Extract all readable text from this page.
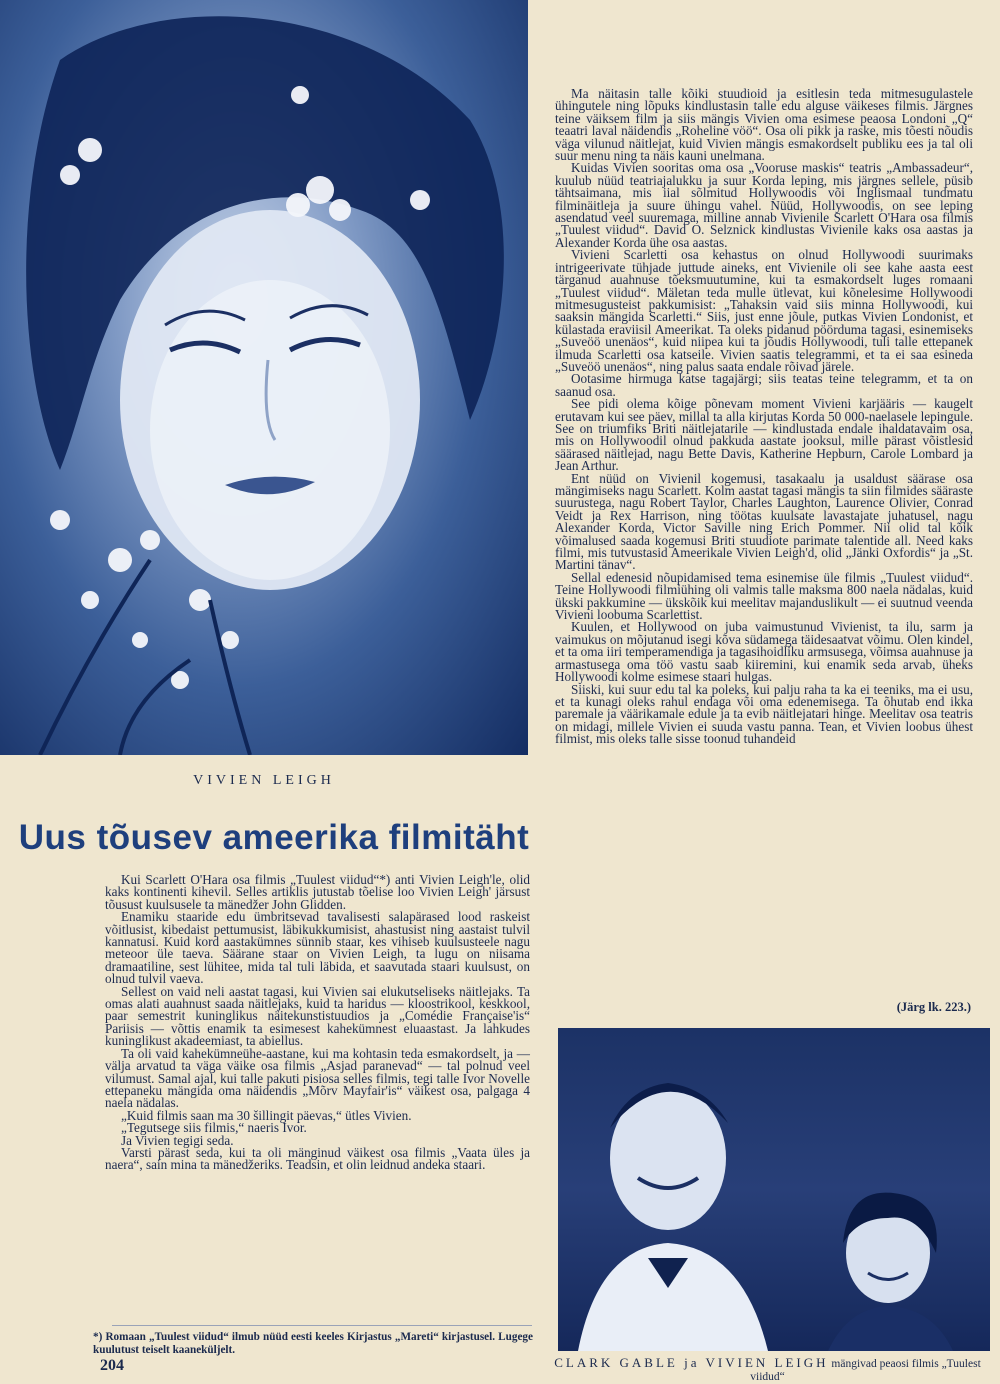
VIVIEN LEIGH
Uus tõusev ameerika filmitäht

Kui Scarlett O'Hara osa filmis „Tuulest viidud“*) anti Vivien Leigh'le, olid kaks kontinenti kihevil. Selles artiklis jutustab tõelise loo Vivien Leigh' järsust tõusust kuulsusele ta mänedžer John Glidden.

Enamiku staaride edu ümbritsevad tavalisesti salapärased lood raskeist võitlusist, kibedaist pettumusist, läbikukkumisist, ahastusist ning aastaist tulvil kannatusi. Kuid kord aastakümnes sünnib staar, kes vihiseb kuulsusteele nagu meteoor üle taeva. Säärane staar on Vivien Leigh, ta lugu on niisama dramaatiline, sest lühitee, mida tal tuli läbida, et saavutada staari kuulsust, on olnud tulvil vaeva.

Sellest on vaid neli aastat tagasi, kui Vivien sai elukutseliseks näitlejaks. Ta omas alati auahnust saada näitlejaks, kuid ta haridus — kloostrikool, keskkool, paar semestrit kuninglikus näitekunstistuudios ja „Comédie Française'is“ Pariisis — võttis enamik ta esimesest kahekümnest eluaastast. Ja lahkudes kuninglikust akadeemiast, ta abiellus.

Ta oli vaid kahekümneühe-aastane, kui ma kohtasin teda esmakordselt, ja — välja arvatud ta väga väike osa filmis „Asjad paranevad“ — tal polnud veel vilumust. Samal ajal, kui talle pakuti pisiosa selles filmis, tegi talle Ivor Novelle ettepaneku mängida oma näidendis „Mõrv Mayfair'is“ väikest osa, palgaga 4 naela nädalas.

„Kuid filmis saan ma 30 šillingit päevas,“ ütles Vivien.

„Tegutsege siis filmis,“ naeris Ivor.

Ja Vivien tegigi seda.

Varsti pärast seda, kui ta oli mänginud väikest osa filmis „Vaata üles ja naera“, sain mina ta mänedžeriks. Teadsin, et olin leidnud andeka staari.

Ma näitasin talle kõiki stuudioid ja esitlesin teda mitmesugulastele ühingutele ning lõpuks kindlustasin talle edu alguse väikeses filmis. Järgnes teine väiksem film ja siis mängis Vivien oma esimese peaosa Londoni „Q“ teaatri laval näidendis „Roheline vöö“. Osa oli pikk ja raske, mis tõesti nõudis väga vilunud näitlejat, kuid Vivien mängis esmakordselt publiku ees ja tal oli suur menu ning ta näis kauni unelmana.

Kuidas Vivien sooritas oma osa „Vooruse maskis“ teatris „Ambassadeur“, kuulub nüüd teatriajalukku ja suur Korda leping, mis järgnes sellele, püsib tähtsaimana, mis iial sõlmitud Hollywoodis või Inglismaal tundmatu filminäitleja ja suure ühingu vahel. Nüüd, Hollywoodis, on see leping asendatud veel suuremaga, milline annab Vivienile Scarlett O'Hara osa filmis „Tuulest viidud“. David O. Selznick kindlustas Vivienile kaks osa aastas ja Alexander Korda ühe osa aastas.

Vivieni Scarletti osa kehastus on olnud Hollywoodi suurimaks intrigeerivate tühjade juttude aineks, ent Vivienile oli see kahe aasta eest tärganud auahnuse tõeksmuutumine, kui ta esmakordselt luges romaani „Tuulest viidud“. Mäletan teda mulle ütlevat, kui kõnelesime Hollywoodi mitmesugusteist pakkumisist: „Tahaksin vaid siis minna Hollywoodi, kui saaksin mängida Scarletti.“ Siis, just enne jõule, putkas Vivien Londonist, et külastada eraviisil Ameerikat. Ta oleks pidanud pöörduma tagasi, esinemiseks „Suveöö unenäos“, kuid niipea kui ta jõudis Hollywoodi, tuli talle ettepanek ilmuda Scarletti osa katseile. Vivien saatis telegrammi, et ta ei saa esineda „Suveöö unenäos“, ning palus saata endale rõivad järele.

Ootasime hirmuga katse tagajärgi; siis teatas teine telegramm, et ta on saanud osa.

See pidi olema kõige põnevam moment Vivieni karjääris — kaugelt erutavam kui see päev, millal ta alla kirjutas Korda 50 000-naelasele lepingule. See on triumfiks Briti näitlejatarile — kindlustada endale ihaldatavaim osa, mis on Hollywoodil olnud pakkuda aastate jooksul, mille pärast võistlesid säärased näitlejad, nagu Bette Davis, Katherine Hepburn, Carole Lombard ja Jean Arthur.

Ent nüüd on Vivienil kogemusi, tasakaalu ja usaldust säärase osa mängimiseks nagu Scarlett. Kolm aastat tagasi mängis ta siin filmides sääraste suurustega, nagu Robert Taylor, Charles Laughton, Laurence Olivier, Conrad Veidt ja Rex Harrison, ning töötas kuulsate lavastajate juhatusel, nagu Alexander Korda, Victor Saville ning Erich Pommer. Nii olid tal kõik võimalused saada kogemusi Briti stuudiote parimate talentide all. Need kaks filmi, mis tutvustasid Ameerikale Vivien Leigh'd, olid „Jänki Oxfordis“ ja „St. Martini tänav“.

Sellal edenesid nõupidamised temа esinemise üle filmis „Tuulest viidud“. Teine Hollywoodi filmiühing oli valmis talle maksma 800 naela nädalas, kuid ükski pakkumine — ükskõik kui meelitav majanduslikult — ei suutnud veenda Vivieni loobuma Scarlettist.

Kuulen, et Hollywood on juba vaimustunud Vivienist, ta ilu, sarm ja vaimukus on mõjutanud isegi kõva südamega täidesaatvat võimu. Olen kindel, et ta oma iiri temperamendiga ja tagasihoidliku armsusega, võimsa auahnuse ja armastusega oma töö vastu saab kiiremini, kui enamik seda arvab, üheks Hollywoodi kolme esimese staari hulgas.

Siiski, kui suur edu tal ka poleks, kui palju raha ta ka ei teeniks, ma ei usu, et ta kunagi oleks rahul endaga või oma edenemisega. Ta õhutab end ikka paremale ja väärikamale edule ja ta evib näitlejatari hinge. Meelitav osa teatris on midagi, millele Vivien ei suuda vastu panna. Tean, et Vivien loobus ühest filmist, mis oleks talle sisse toonud tuhandeid

(Järg lk. 223.)
*) Romaan „Tuulest viidud“ ilmub nüüd eesti keeles Kirjastus „Mareti“ kirjastusel. Lugege kuulutust teiselt kaaneküljelt.
CLARK GABLE ja VIVIEN LEIGH mängivad peaosi filmis „Tuulest viidud“
204
